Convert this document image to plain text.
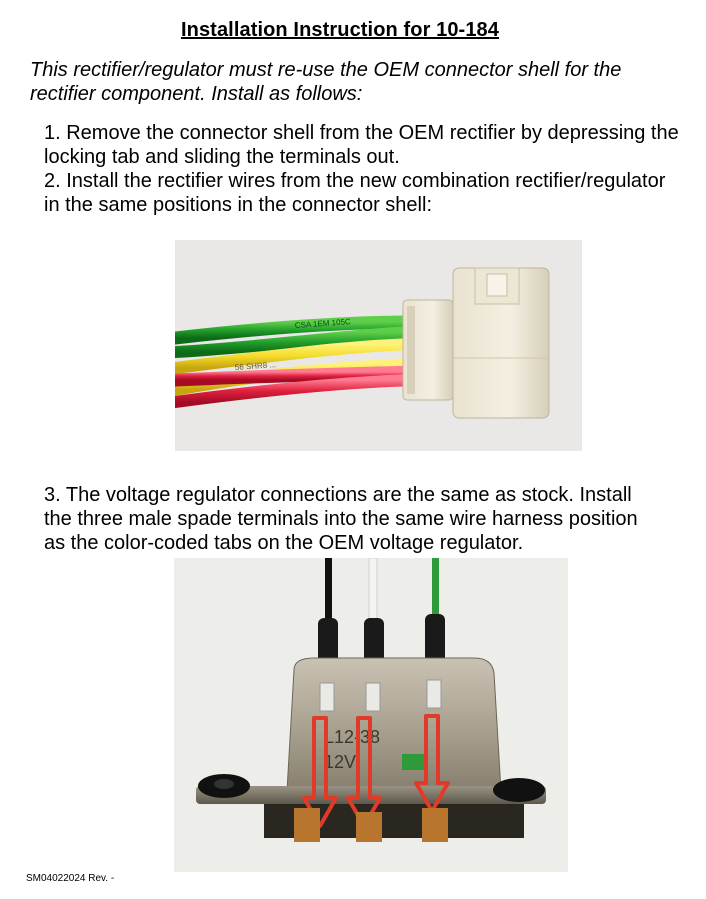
Installation Instruction for 10-184
This rectifier/regulator must re-use the OEM connector shell for the rectifier component. Install as follows:
1. Remove the connector shell from the OEM rectifier by depressing the locking tab and sliding the terminals out.
2. Install the rectifier wires from the new combination rectifier/regulator in the same positions in the connector shell:
CSA 1EM 105C
56 SHR8 ...
3. The voltage regulator connections are the same as stock. Install the three male spade terminals into the same wire harness position as the color-coded tabs on the OEM voltage regulator.
L12-38
12V
SM04022024 Rev. -
